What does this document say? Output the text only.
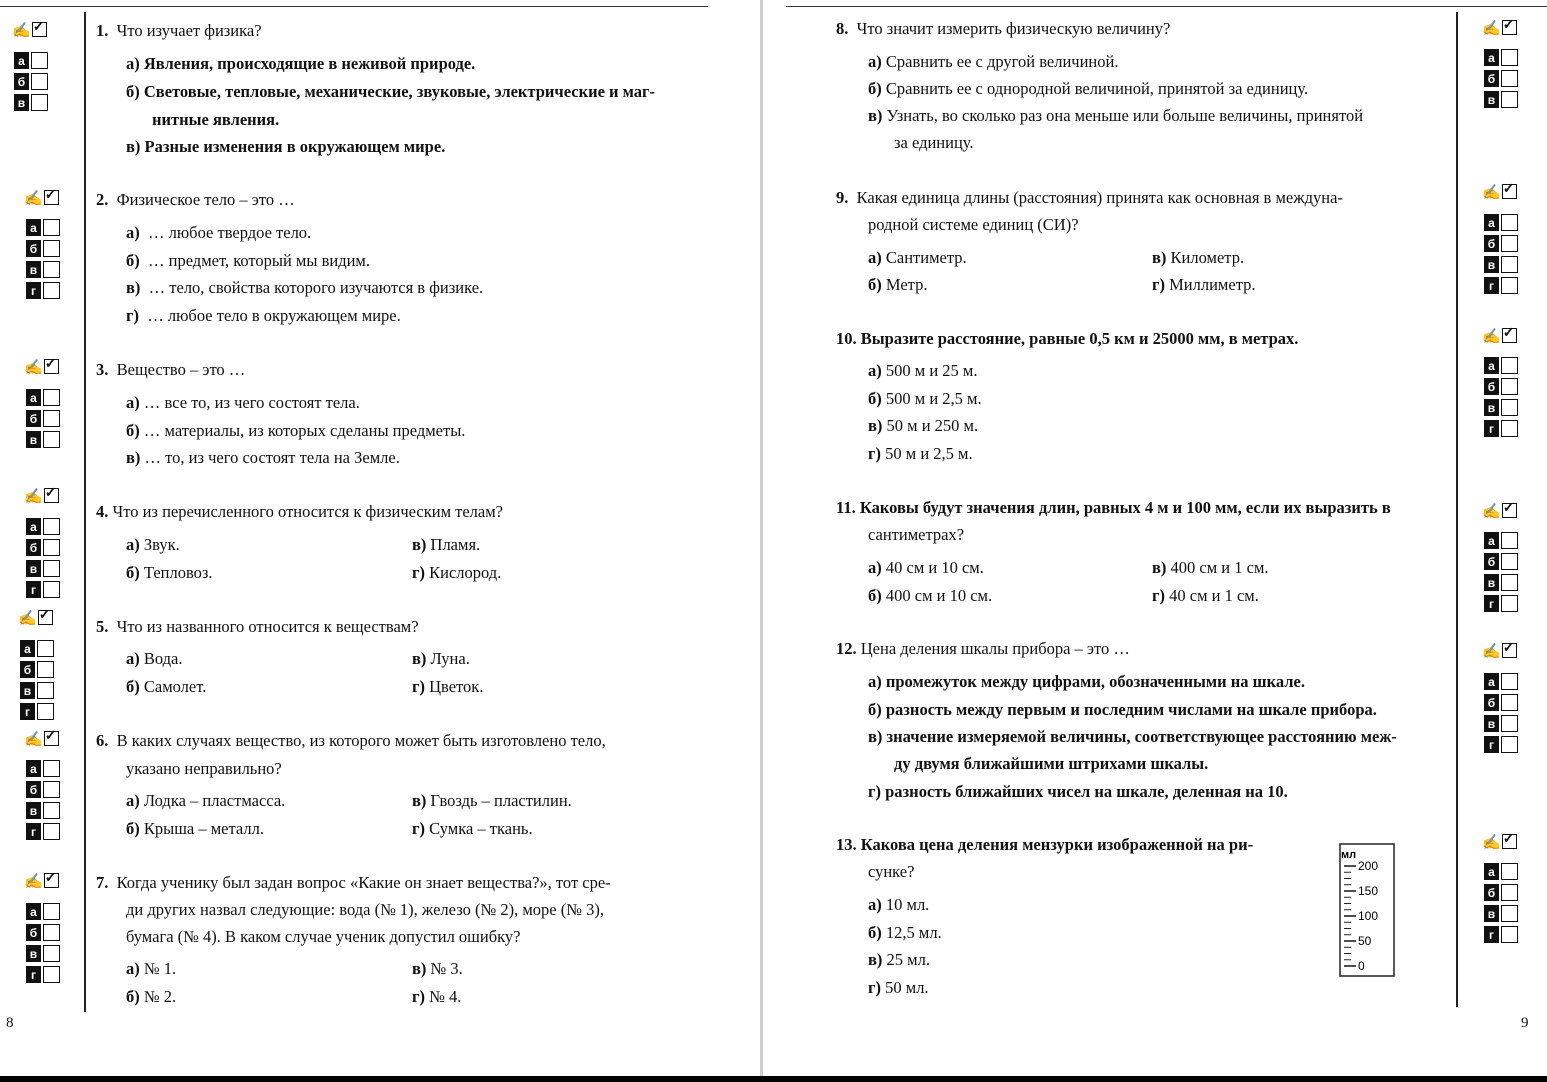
1. Что изучает физика?
а) Явления, происходящие в неживой природе.
б) Световые, тепловые, механические, звуковые, электрические и маг-
нитные явления.
в) Разные изменения в окружающем мире.
2. Физическое тело – это …
а) … любое твердое тело.
б) … предмет, который мы видим.
в) … тело, свойства которого изучаются в физике.
г) … любое тело в окружающем мире.
3. Вещество – это …
а) … все то, из чего состоят тела.
б) … материалы, из которых сделаны предметы.
в) … то, из чего состоят тела на Земле.
4. Что из перечисленного относится к физическим телам?
а) Звук.	в) Пламя.
б) Тепловоз.	г) Кислород.
5. Что из названного относится к веществам?
а) Вода.	в) Луна.
б) Самолет.	г) Цветок.
6. В каких случаях вещество, из которого может быть изготовлено тело,
указано неправильно?
а) Лодка – пластмасса.	в) Гвоздь – пластилин.
б) Крыша – металл.	г) Сумка – ткань.
7. Когда ученику был задан вопрос «Какие он знает вещества?», тот сре-
ди других назвал следующие: вода (№ 1), железо (№ 2), море (№ 3),
бумага (№ 4). В каком случае ученик допустил ошибку?
а) № 1.	в) № 3.
б) № 2.	г) № 4.
8
✍✓
а
б
в
✍✓
а
б
в
г
✍✓
а
б
в
✍✓
а
б
в
г
✍✓
а
б
в
г
✍✓
а
б
в
г
✍✓
а
б
в
г
8. Что значит измерить физическую величину?
а) Сравнить ее с другой величиной.
б) Сравнить ее с однородной величиной, принятой за единицу.
в) Узнать, во сколько раз она меньше или больше величины, принятой
за единицу.
9. Какая единица длины (расстояния) принята как основная в междуна-
родной системе единиц (СИ)?
а) Сантиметр.	в) Километр.
б) Метр.	г) Миллиметр.
10. Выразите расстояние, равные 0,5 км и 25000 мм, в метрах.
а) 500 м и 25 м.
б) 500 м и 2,5 м.
в) 50 м и 250 м.
г) 50 м и 2,5 м.
11. Каковы будут значения длин, равных 4 м и 100 мм, если их выразить в
сантиметрах?
а) 40 см и 10 см.	в) 400 см и 1 см.
б) 400 см и 10 см.	г) 40 см и 1 см.
12. Цена деления шкалы прибора – это …
а) промежуток между цифрами, обозначенными на шкале.
б) разность между первым и последним числами на шкале прибора.
в) значение измеряемой величины, соответствующее расстоянию меж-
ду двумя ближайшими штрихами шкалы.
г) разность ближайших чисел на шкале, деленная на 10.
13. Какова цена деления мензурки изображенной на ри-
сунке?
а) 10 мл.
б) 12,5 мл.
в) 25 мл.
г) 50 мл.
мл
200
150
100
50
0
9
✍✓
а
б
в
✍✓
а
б
в
г
✍✓
а
б
в
г
✍✓
а
б
в
г
✍✓
а
б
в
г
✍✓
а
б
в
г
